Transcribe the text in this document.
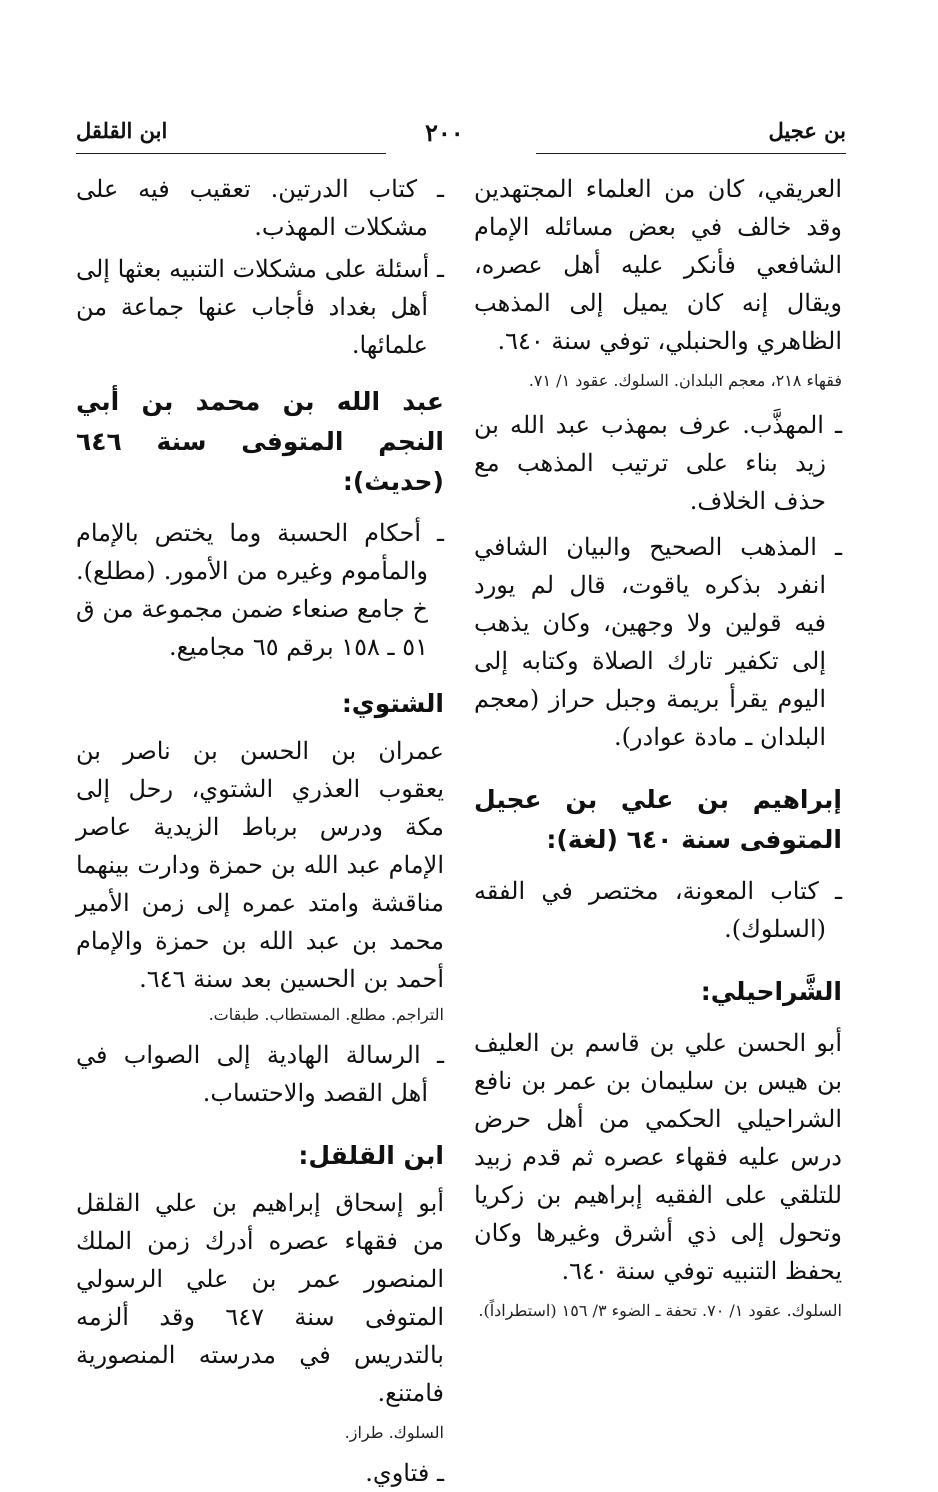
بن عجيل
٢٠٠
ابن القلقل

العريقي، كان من العلماء المجتهدين وقد خالف في بعض مسائله الإمام الشافعي فأنكر عليه أهل عصره، ويقال إنه كان يميل إلى المذهب الظاهري والحنبلي، توفي سنة ٦٤٠.

فقهاء ٢١٨، معجم البلدان. السلوك. عقود ١/ ٧١.

ـ المهذَّب. عرف بمهذب عبد الله بن زيد بناء على ترتيب المذهب مع حذف الخلاف.

ـ المذهب الصحيح والبيان الشافي انفرد بذكره ياقوت، قال لم يورد فيه قولين ولا وجهين، وكان يذهب إلى تكفير تارك الصلاة وكتابه إلى اليوم يقرأ بريمة وجبل حراز (معجم البلدان ـ مادة عوادر).

إبراهيم بن علي بن عجيل المتوفى سنة ٦٤٠ (لغة):

ـ كتاب المعونة، مختصر في الفقه (السلوك).

الشَّراحيلي:

أبو الحسن علي بن قاسم بن العليف بن هيس بن سليمان بن عمر بن نافع الشراحيلي الحكمي من أهل حرض درس عليه فقهاء عصره ثم قدم زبيد للتلقي على الفقيه إبراهيم بن زكريا وتحول إلى ذي أشرق وغيرها وكان يحفظ التنبيه توفي سنة ٦٤٠.

السلوك. عقود ١/ ٧٠. تحفة ـ الضوء ٣/ ١٥٦ (استطراداً).

ـ كتاب الدرتين. تعقيب فيه على مشكلات المهذب.

ـ أسئلة على مشكلات التنبيه بعثها إلى أهل بغداد فأجاب عنها جماعة من علمائها.

عبد الله بن محمد بن أبي النجم المتوفى سنة ٦٤٦ (حديث):

ـ أحكام الحسبة وما يختص بالإمام والمأموم وغيره من الأمور. (مطلع). خ جامع صنعاء ضمن مجموعة من ق ٥١ ـ ١٥٨ برقم ٦٥ مجاميع.

الشتوي:

عمران بن الحسن بن ناصر بن يعقوب العذري الشتوي، رحل إلى مكة ودرس برباط الزيدية عاصر الإمام عبد الله بن حمزة ودارت بينهما مناقشة وامتد عمره إلى زمن الأمير محمد بن عبد الله بن حمزة والإمام أحمد بن الحسين بعد سنة ٦٤٦.

التراجم. مطلع. المستطاب. طبقات.

ـ الرسالة الهادية إلى الصواب في أهل القصد والاحتساب.

ابن القلقل:

أبو إسحاق إبراهيم بن علي القلقل من فقهاء عصره أدرك زمن الملك المنصور عمر بن علي الرسولي المتوفى سنة ٦٤٧ وقد ألزمه بالتدريس في مدرسته المنصورية فامتنع.

السلوك. طراز.

ـ فتاوي.
